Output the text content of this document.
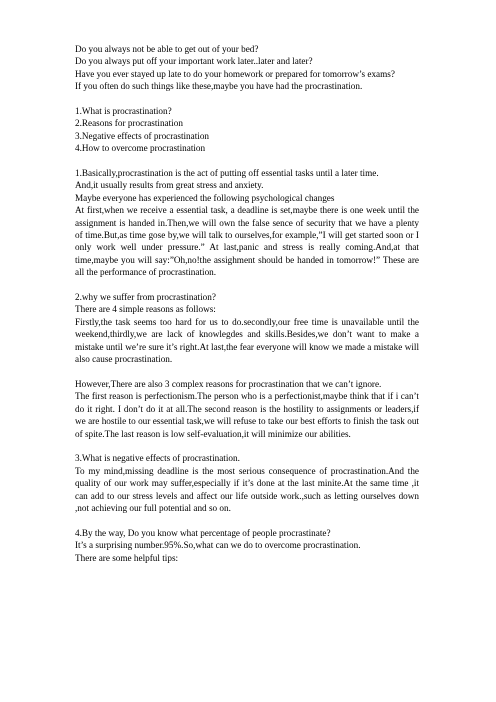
Do you always not be able to get out of your bed?

Do you always put off your important work later..later and later?

Have you ever stayed up late to do your homework or prepared for tomorrow’s exams?

If you often do such things like these,maybe you have had the procrastination.

1.What is procrastination?

2.Reasons for procrastination

3.Negative effects of procrastination

4.How to overcome procrastination

1.Basically,procrastination is the act of putting off essential tasks until a later time.

And,it usually results from great stress and anxiety.

Maybe everyone has experienced the following psychological changes

At first,when we receive a essential task, a deadline is set,maybe there is one week until the assignment is handed in.Then,we will own the false sence of security that we have a plenty of time.But,as time gose by,we will talk to ourselves,for example,”I will get started soon or I only work well under pressure.” At last,panic and stress is really coming.And,at that time,maybe you will say:”Oh,no!the assighment should be handed in tomorrow!” These are all the performance of procrastination.

2.why we suffer from procrastination?

There are 4 simple reasons as follows:

Firstly,the task seems too hard for us to do.secondly,our free time is unavailable until the weekend,thirdly,we are lack of knowlegdes and skills.Besides,we don’t want to make a mistake until we’re sure it’s right.At last,the fear everyone will know we made a mistake will also cause procrastination.

However,There are also 3 complex reasons for procrastination that we can’t ignore.

The first reason is perfectionism.The person who is a perfectionist,maybe think that if i can’t do it right. I don’t do it at all.The second reason is the hostility to assignments or leaders,if we are hostile to our essential task,we will refuse to take our best efforts to finish the task out of spite.The last reason is low self-evaluation,it will minimize our abilities.

3.What is negative effects of procrastination.

To my mind,missing deadline is the most serious consequence of procrastination.And the quality of our work may suffer,especially if it’s done at the last minite.At the same time ,it can add to our stress levels and affect our life outside work.,such as letting ourselves down ,not achieving our full potential and so on.

4.By the way, Do you know what percentage of people procrastinate?

It’s a surprising number.95%.So,what can we do to overcome procrastination.

There are some helpful tips:
